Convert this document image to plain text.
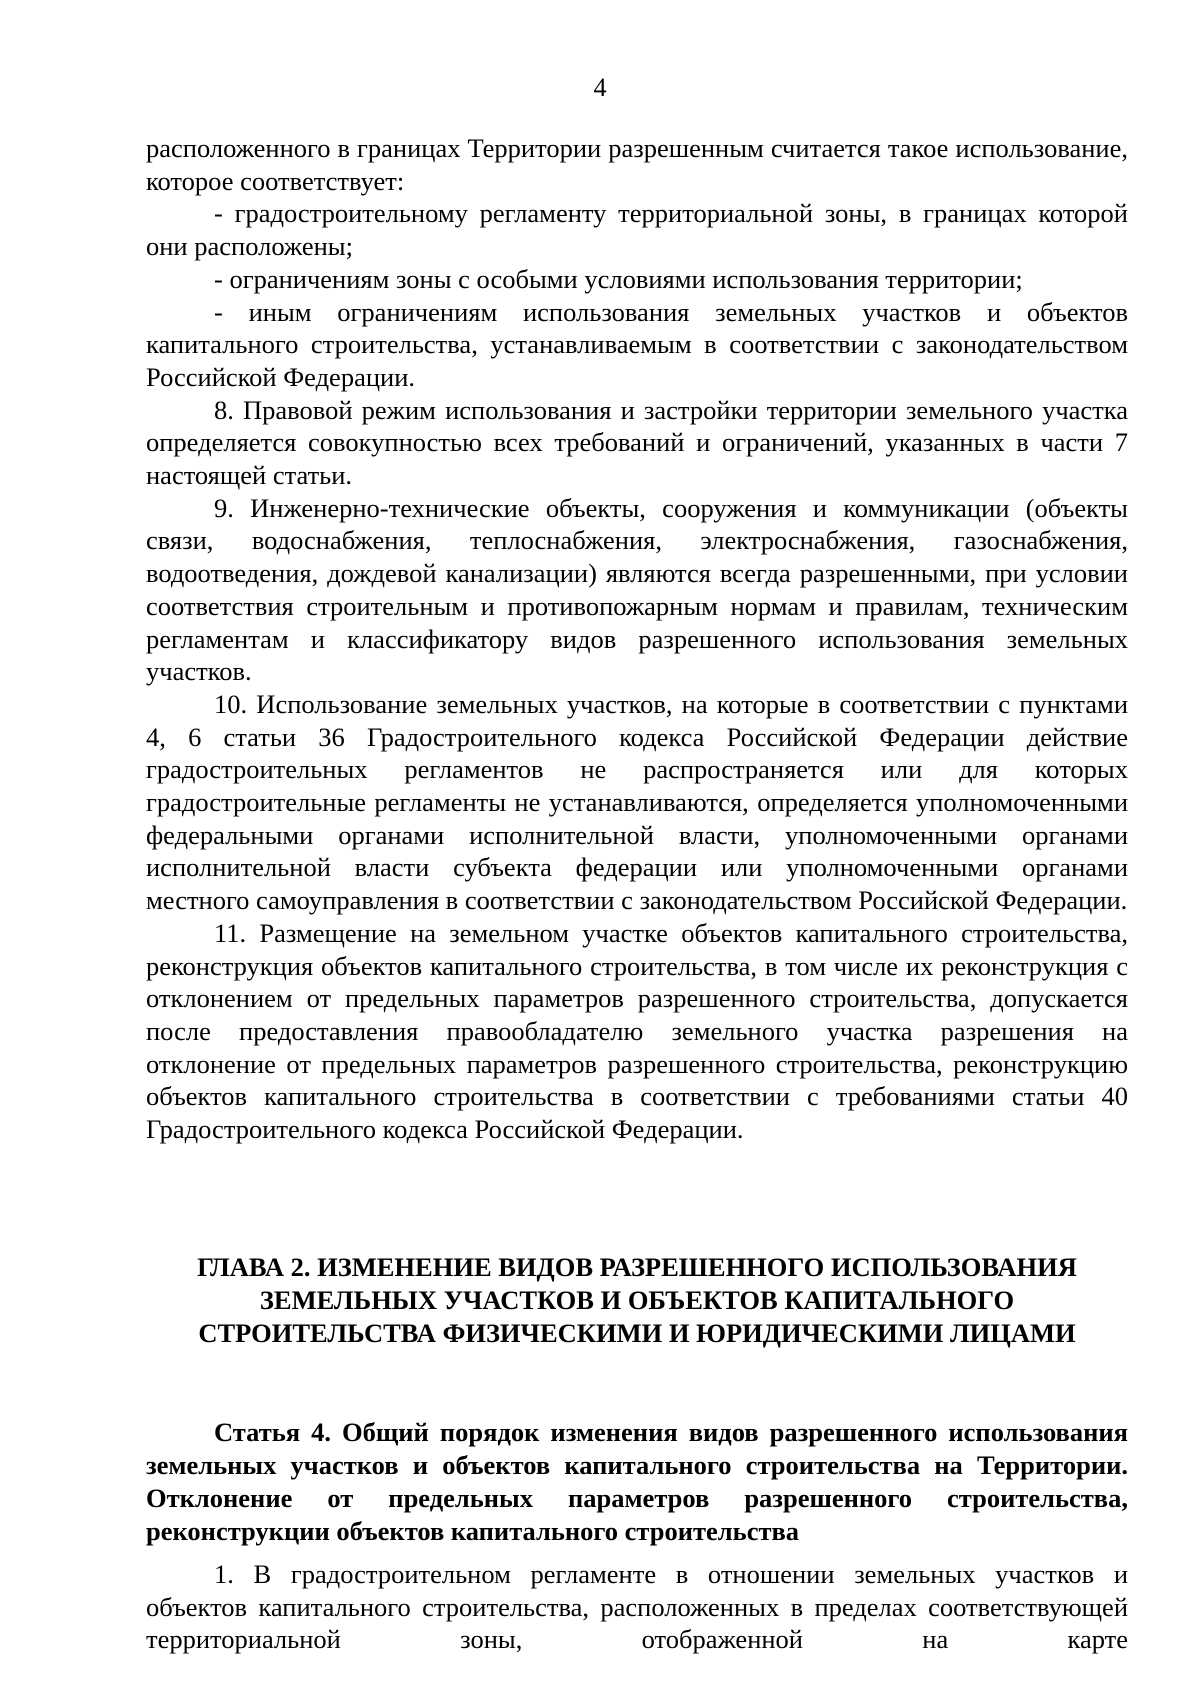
4

расположенного в границах Территории разрешенным считается такое использование, которое соответствует:

- градостроительному регламенту территориальной зоны, в границах которой они расположены;

- ограничениям зоны с особыми условиями использования территории;

- иным ограничениям использования земельных участков и объектов капитального строительства, устанавливаемым в соответствии с законодательством Российской Федерации.

8. Правовой режим использования и застройки территории земельного участка определяется совокупностью всех требований и ограничений, указанных в части 7 настоящей статьи.

9. Инженерно-технические объекты, сооружения и коммуникации (объекты связи, водоснабжения, теплоснабжения, электроснабжения, газоснабжения, водоотведения, дождевой канализации) являются всегда разрешенными, при условии соответствия строительным и противопожарным нормам и правилам, техническим регламентам и классификатору видов разрешенного использования земельных участков.

10. Использование земельных участков, на которые в соответствии с пунктами 4, 6 статьи 36 Градостроительного кодекса Российской Федерации действие градостроительных регламентов не распространяется или для которых градостроительные регламенты не устанавливаются, определяется уполномоченными федеральными органами исполнительной власти, уполномоченными органами исполнительной власти субъекта федерации или уполномоченными органами местного самоуправления в соответствии с законодательством Российской Федерации.

11. Размещение на земельном участке объектов капитального строительства, реконструкция объектов капитального строительства, в том числе их реконструкция с отклонением от предельных параметров разрешенного строительства, допускается после предоставления правообладателю земельного участка разрешения на отклонение от предельных параметров разрешенного строительства, реконструкцию объектов капитального строительства в соответствии с требованиями статьи 40 Градостроительного кодекса Российской Федерации.

ГЛАВА 2. ИЗМЕНЕНИЕ ВИДОВ РАЗРЕШЕННОГО ИСПОЛЬЗОВАНИЯ
ЗЕМЕЛЬНЫХ УЧАСТКОВ И ОБЪЕКТОВ КАПИТАЛЬНОГО
СТРОИТЕЛЬСТВА ФИЗИЧЕСКИМИ И ЮРИДИЧЕСКИМИ ЛИЦАМИ
Статья 4. Общий порядок изменения видов разрешенного использования земельных участков и объектов капитального строительства на Территории. Отклонение от предельных параметров разрешенного строительства, реконструкции объектов капитального строительства

1. В градостроительном регламенте в отношении земельных участков и объектов капитального строительства, расположенных в пределах соответствующей территориальной зоны, отображенной на карте
